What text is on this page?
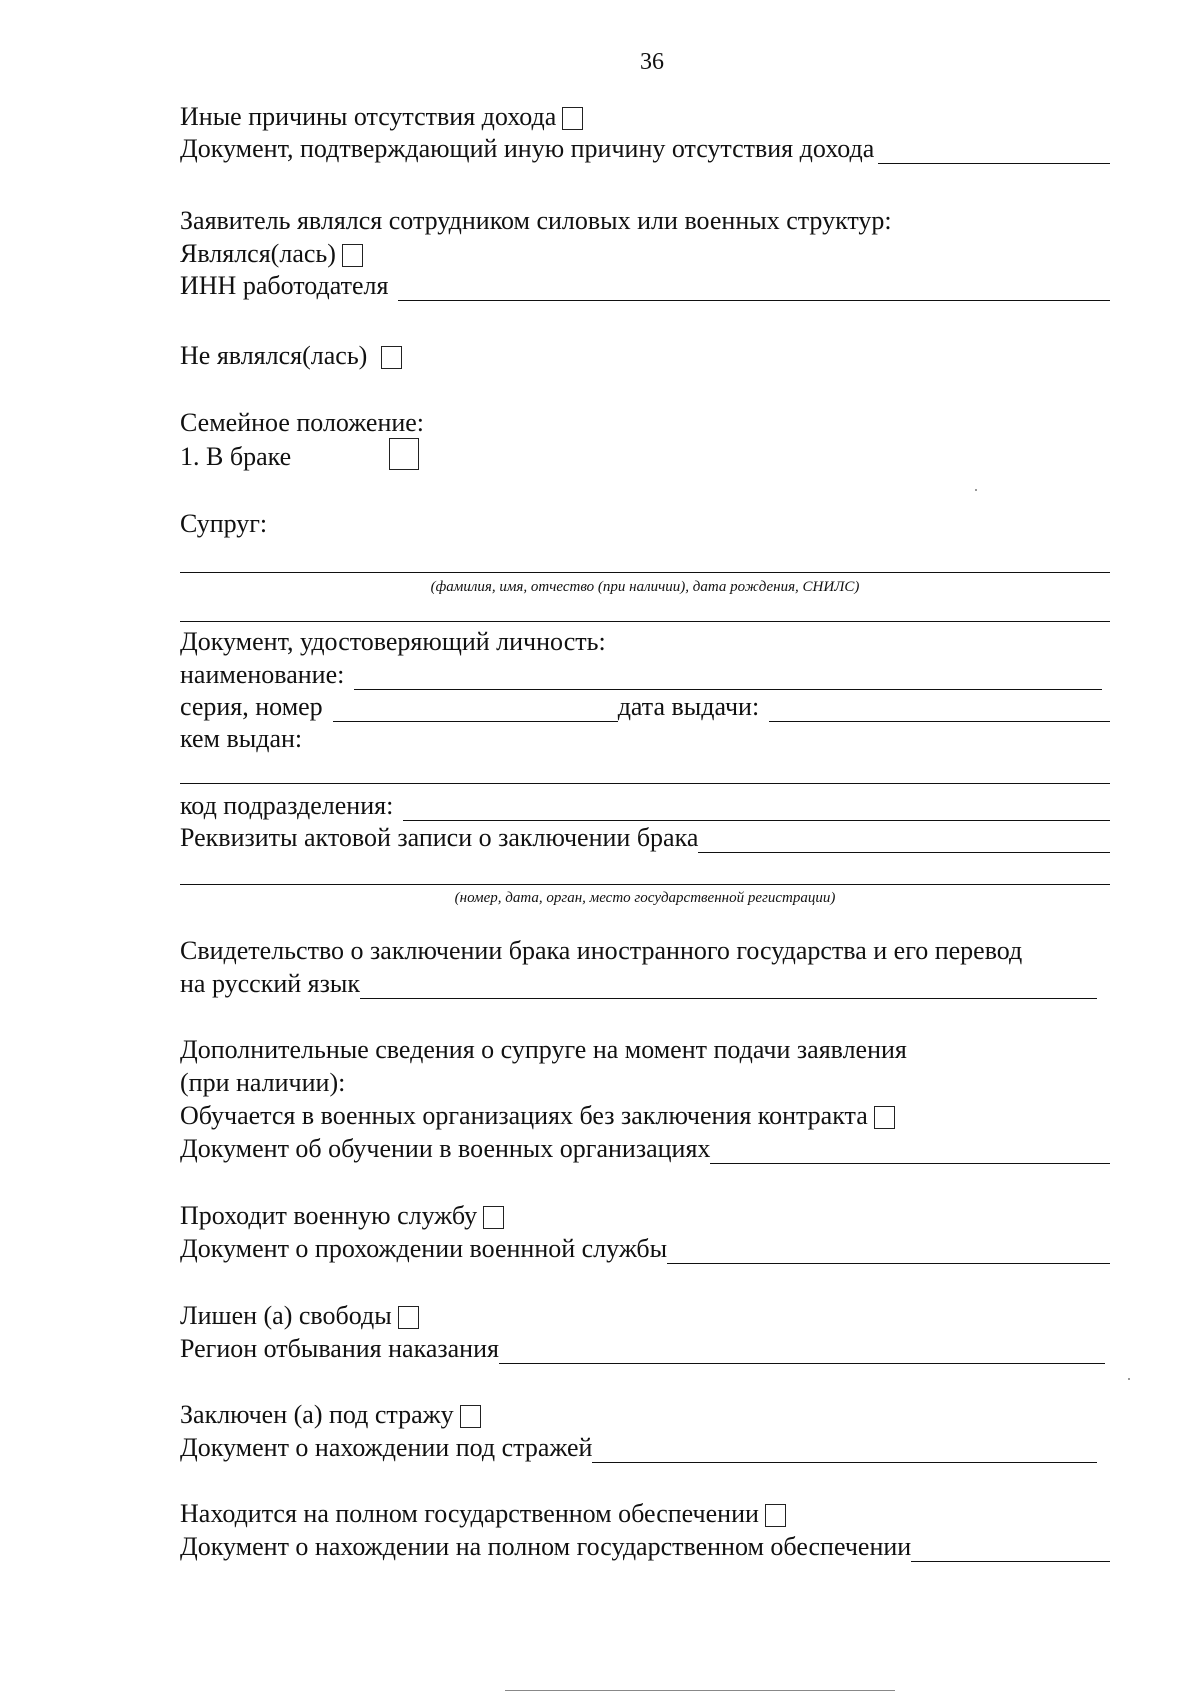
36
Иные причины отсутствия дохода
Документ, подтверждающий иную причину отсутствия дохода
Заявитель являлся сотрудником силовых или военных структур:
Являлся(лась)
ИНН работодателя
Не являлся(лась)
Семейное положение:
1. В браке
Супруг:
(фамилия, имя, отчество (при наличии), дата рождения, СНИЛС)
Документ, удостоверяющий личность:
наименование:
серия, номер	дата выдачи:
кем выдан:
код подразделения:
Реквизиты актовой записи о заключении брака
(номер, дата, орган, место государственной регистрации)
Свидетельство о заключении брака иностранного государства и его перевод
на русский язык
Дополнительные сведения о супруге на момент подачи заявления
(при наличии):
Обучается в военных организациях без заключения контракта
Документ об обучении в военных организациях
Проходит военную службу
Документ о прохождении военнной службы
Лишен (а) свободы
Регион отбывания наказания
Заключен (а) под стражу
Документ о нахождении под стражей
Находится на полном государственном обеспечении
Документ о нахождении на полном государственном обеспечении
